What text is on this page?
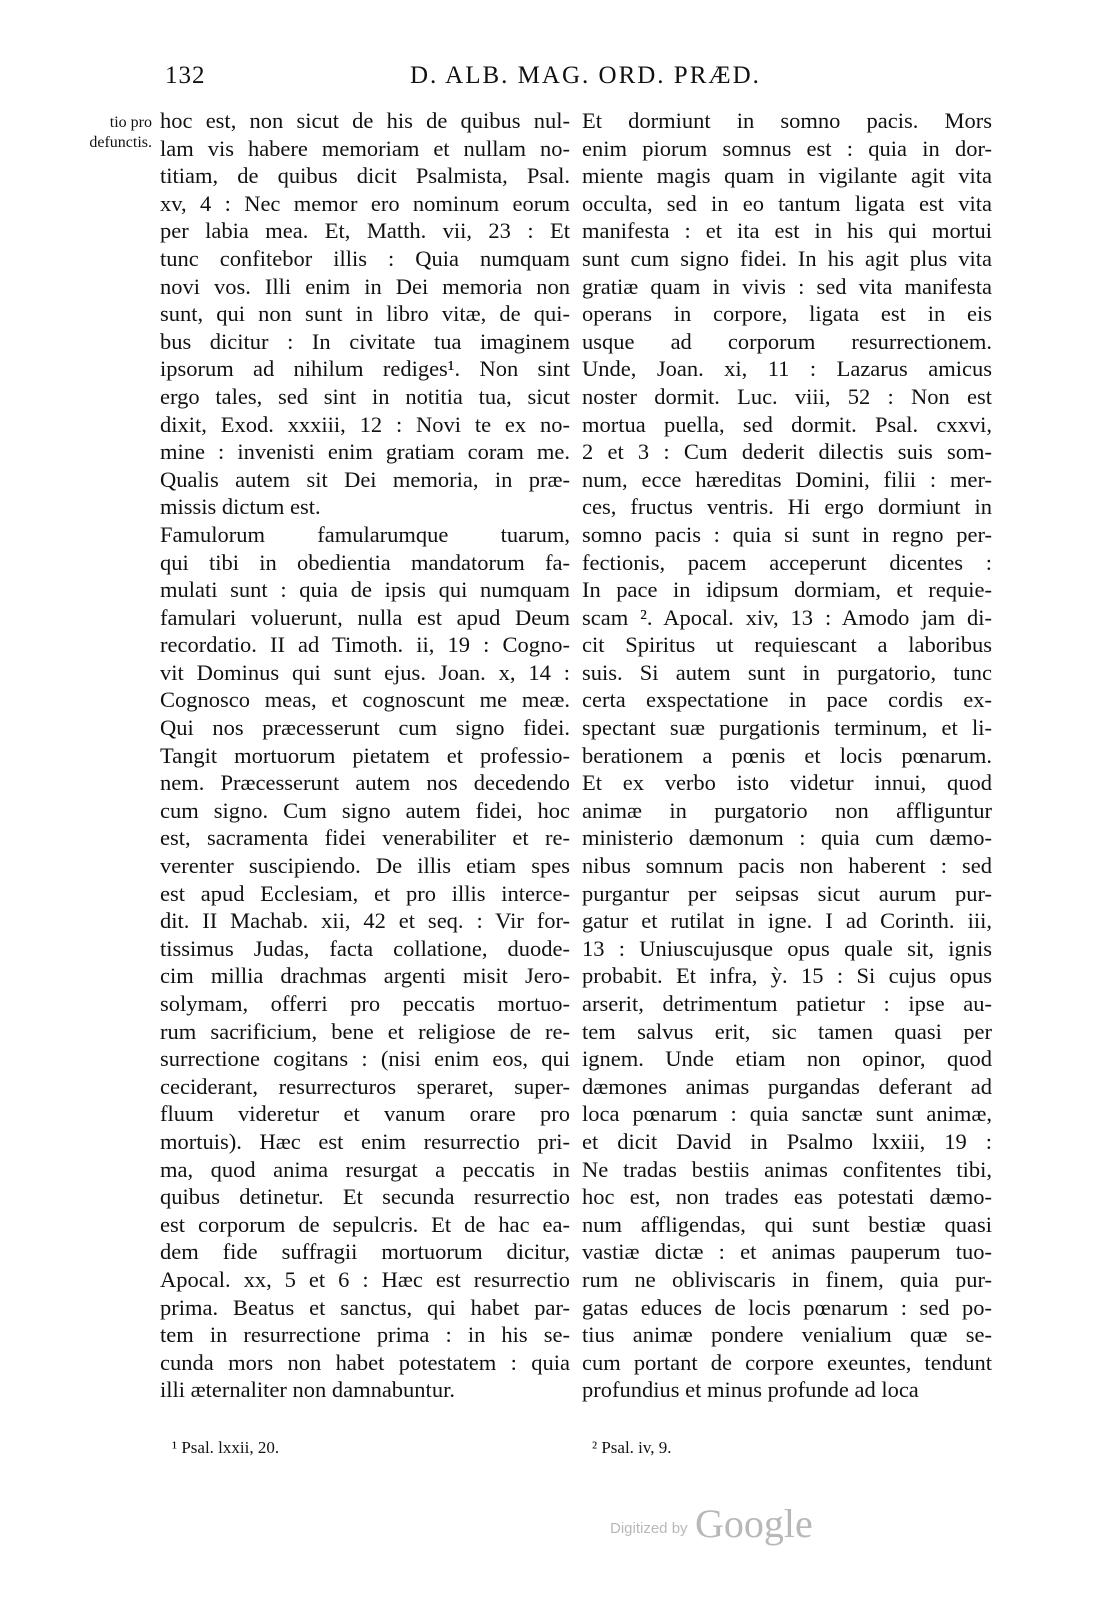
132	D. ALB. MAG. ORD. PRÆD.
tio pro
defunctis.
hoc est, non sicut de his de quibus nul-
lam vis habere memoriam et nullam no-
titiam, de quibus dicit Psalmista, Psal.
xv, 4 : Nec memor ero nominum eorum
per labia mea. Et, Matth. vii, 23 : Et
tunc confitebor illis : Quia numquam
novi vos. Illi enim in Dei memoria non
sunt, qui non sunt in libro vitæ, de qui-
bus dicitur : In civitate tua imaginem
ipsorum ad nihilum rediges¹. Non sint
ergo tales, sed sint in notitia tua, sicut
dixit, Exod. xxxiii, 12 : Novi te ex no-
mine : invenisti enim gratiam coram me.
Qualis autem sit Dei memoria, in præ-
missis dictum est.
Famulorum famularumque tuarum,
qui tibi in obedientia mandatorum fa-
mulati sunt : quia de ipsis qui numquam
famulari voluerunt, nulla est apud Deum
recordatio. II ad Timoth. ii, 19 : Cogno-
vit Dominus qui sunt ejus. Joan. x, 14 :
Cognosco meas, et cognoscunt me meæ.
Qui nos præcesserunt cum signo fidei.
Tangit mortuorum pietatem et professio-
nem. Præcesserunt autem nos decedendo
cum signo. Cum signo autem fidei, hoc
est, sacramenta fidei venerabiliter et re-
verenter suscipiendo. De illis etiam spes
est apud Ecclesiam, et pro illis interce-
dit. II Machab. xii, 42 et seq. : Vir for-
tissimus Judas, facta collatione, duode-
cim millia drachmas argenti misit Jero-
solymam, offerri pro peccatis mortuo-
rum sacrificium, bene et religiose de re-
surrectione cogitans : (nisi enim eos, qui
ceciderant, resurrecturos speraret, super-
fluum videretur et vanum orare pro
mortuis). Hæc est enim resurrectio pri-
ma, quod anima resurgat a peccatis in
quibus detinetur. Et secunda resurrectio
est corporum de sepulcris. Et de hac ea-
dem fide suffragii mortuorum dicitur,
Apocal. xx, 5 et 6 : Hæc est resurrectio
prima. Beatus et sanctus, qui habet par-
tem in resurrectione prima : in his se-
cunda mors non habet potestatem : quia
illi æternaliter non damnabuntur.
Et dormiunt in somno pacis. Mors
enim piorum somnus est : quia in dor-
miente magis quam in vigilante agit vita
occulta, sed in eo tantum ligata est vita
manifesta : et ita est in his qui mortui
sunt cum signo fidei. In his agit plus vita
gratiæ quam in vivis : sed vita manifesta
operans in corpore, ligata est in eis
usque ad corporum resurrectionem.
Unde, Joan. xi, 11 : Lazarus amicus
noster dormit. Luc. viii, 52 : Non est
mortua puella, sed dormit. Psal. cxxvi,
2 et 3 : Cum dederit dilectis suis som-
num, ecce hæreditas Domini, filii : mer-
ces, fructus ventris. Hi ergo dormiunt in
somno pacis : quia si sunt in regno per-
fectionis, pacem acceperunt dicentes :
In pace in idipsum dormiam, et requie-
scam ². Apocal. xiv, 13 : Amodo jam di-
cit Spiritus ut requiescant a laboribus
suis. Si autem sunt in purgatorio, tunc
certa exspectatione in pace cordis ex-
spectant suæ purgationis terminum, et li-
berationem a pœnis et locis pœnarum.
Et ex verbo isto videtur innui, quod
animæ in purgatorio non affliguntur
ministerio dæmonum : quia cum dæmo-
nibus somnum pacis non haberent : sed
purgantur per seipsas sicut aurum pur-
gatur et rutilat in igne. I ad Corinth. iii,
13 : Uniuscujusque opus quale sit, ignis
probabit. Et infra, ỳ. 15 : Si cujus opus
arserit, detrimentum patietur : ipse au-
tem salvus erit, sic tamen quasi per
ignem. Unde etiam non opinor, quod
dæmones animas purgandas deferant ad
loca pœnarum : quia sanctæ sunt animæ,
et dicit David in Psalmo lxxiii, 19 :
Ne tradas bestiis animas confitentes tibi,
hoc est, non trades eas potestati dæmo-
num affligendas, qui sunt bestiæ quasi
vastiæ dictæ : et animas pauperum tuo-
rum ne obliviscaris in finem, quia pur-
gatas educes de locis pœnarum : sed po-
tius animæ pondere venialium quæ se-
cum portant de corpore exeuntes, tendunt
profundius et minus profunde ad loca
¹ Psal. lxxii, 20.	² Psal. iv, 9.
Digitized by Google
